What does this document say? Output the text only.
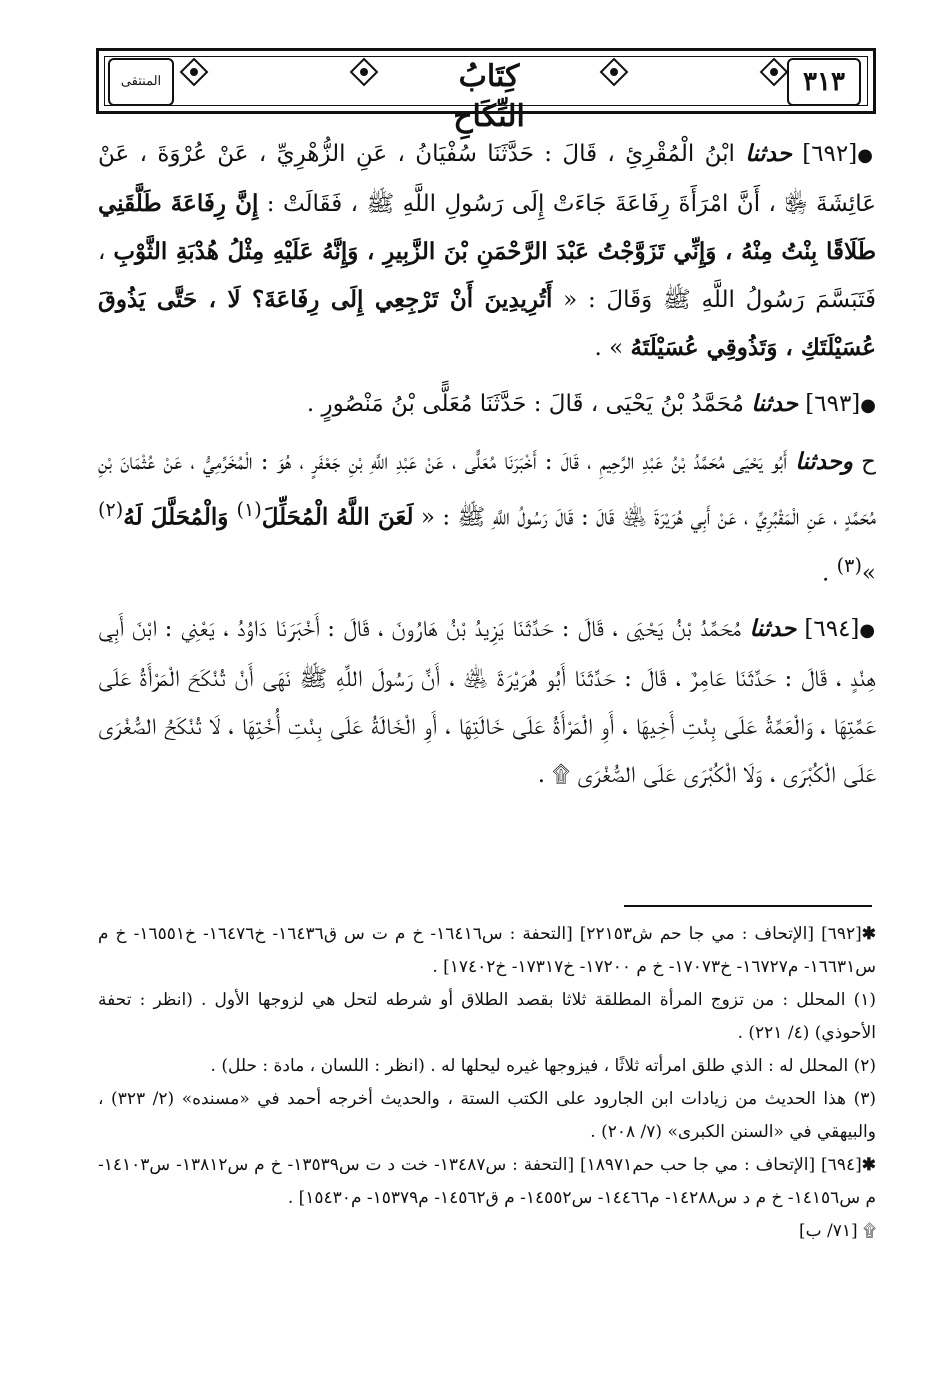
المنتقى	كِتَابُ النِّكَاحِ
٣١٣

●[٦٩٢] حدثنا ابْنُ الْمُقْرِئِ ، قَالَ : حَدَّثَنَا سُفْيَانُ ، عَنِ الزُّهْرِيِّ ، عَنْ عُرْوَةَ ، عَنْ عَائِشَةَ ﵂ ، أَنَّ امْرَأَةَ رِفَاعَةَ جَاءَتْ إِلَى رَسُولِ اللَّهِ ﷺ ، فَقَالَتْ : إِنَّ رِفَاعَةَ طَلَّقَنِي طَلَاقًا بِنْتُ مِنْهُ ، وَإِنِّي تَزَوَّجْتُ عَبْدَ الرَّحْمَنِ بْنَ الزَّبِيرِ ، وَإِنَّهُ عَلَيْهِ مِثْلُ هُدْبَةِ الثَّوْبِ ، فَتَبَسَّمَ رَسُولُ اللَّهِ ﷺ وَقَالَ : « أَتُرِيدِينَ أَنْ تَرْجِعِي إِلَى رِفَاعَةَ؟ لَا ، حَتَّى يَذُوقَ عُسَيْلَتَكِ ، وَتَذُوقِي عُسَيْلَتَهُ » .

●[٦٩٣] حدثنا مُحَمَّدُ بْنُ يَحْيَى ، قَالَ : حَدَّثَنَا مُعَلًّى بْنُ مَنْصُورٍ .

ح وحدثنا أَبُو يَحْيَى مُحَمَّدُ بْنُ عَبْدِ الرَّحِيمِ ، قَالَ : أَخْبَرَنَا مُعَلًّى ، عَنْ عَبْدِ اللَّهِ بْنِ جَعْفَرٍ ، هُوَ : الْمُخَرِّمِيُّ ، عَنْ عُثْمَانَ بْنِ مُحَمَّدٍ ، عَنِ الْمَقْبُرِيِّ ، عَنْ أَبِي هُرَيْرَةَ ﵁ قَالَ : قَالَ رَسُولُ اللَّهِ ﷺ : « لَعَنَ اللَّهُ الْمُحَلِّلَ$^{(١)}$ وَالْمُحَلَّلَ لَهُ$^{(٢)}$ »$^{(٣)}$ .

●[٦٩٤] حدثنا مُحَمَّدُ بْنُ يَحْيَى ، قَالَ : حَدَّثَنَا يَزِيدُ بْنُ هَارُونَ ، قَالَ : أَخْبَرَنَا دَاوُدُ ، يَعْنِي : ابْنَ أَبِي هِنْدٍ ، قَالَ : حَدَّثَنَا عَامِرٌ ، قَالَ : حَدَّثَنَا أَبُو هُرَيْرَةَ ﵁ ، أَنَّ رَسُولَ اللَّهِ ﷺ نَهَى أَنْ تُنْكَحَ الْمَرْأَةُ عَلَى عَمَّتِهَا ، وَالْعَمَّةُ عَلَى بِنْتِ أَخِيهَا ، أَوِ الْمَرْأَةُ عَلَى خَالَتِهَا ، أَوِ الْخَالَةُ عَلَى بِنْتِ أُخْتِهَا ، لَا تُنْكَحُ الصُّغْرَى عَلَى الْكُبْرَى ، وَلَا الْكُبْرَى عَلَى الصُّغْرَى ۩ .

✱[٦٩٢] [الإتحاف : مي جا حم ش٢٢١٥٣] [التحفة : س١٦٤١٦- خ م ت س ق١٦٤٣٦- خ١٦٤٧٦- خ١٦٥٥١- خ م س١٦٦٣١- م١٦٧٢٧- خ١٧٠٧٣- خ م ١٧٢٠٠- خ١٧٣١٧- خ١٧٤٠٢] .

(١) المحلل : من تزوج المرأة المطلقة ثلاثا بقصد الطلاق أو شرطه لتحل هي لزوجها الأول . (انظر : تحفة الأحوذي) (٤/ ٢٢١) .

(٢) المحلل له : الذي طلق امرأته ثلاثًا ، فيزوجها غيره ليحلها له . (انظر : اللسان ، مادة : حلل) .

(٣) هذا الحديث من زيادات ابن الجارود على الكتب الستة ، والحديث أخرجه أحمد في «مسنده» (٢/ ٣٢٣) ، والبيهقي في «السنن الكبرى» (٧/ ٢٠٨) .

✱[٦٩٤] [الإتحاف : مي جا حب حم١٨٩٧١] [التحفة : س١٣٤٨٧- خت د ت س١٣٥٣٩- خ م س١٣٨١٢- س١٤١٠٣- م س١٤١٥٦- خ م د س١٤٢٨٨- م١٤٤٦٦- س١٤٥٥٢- م ق١٤٥٦٢- م١٥٣٧٩- م١٥٤٣٠] .

۩ [٧١/ ب]
